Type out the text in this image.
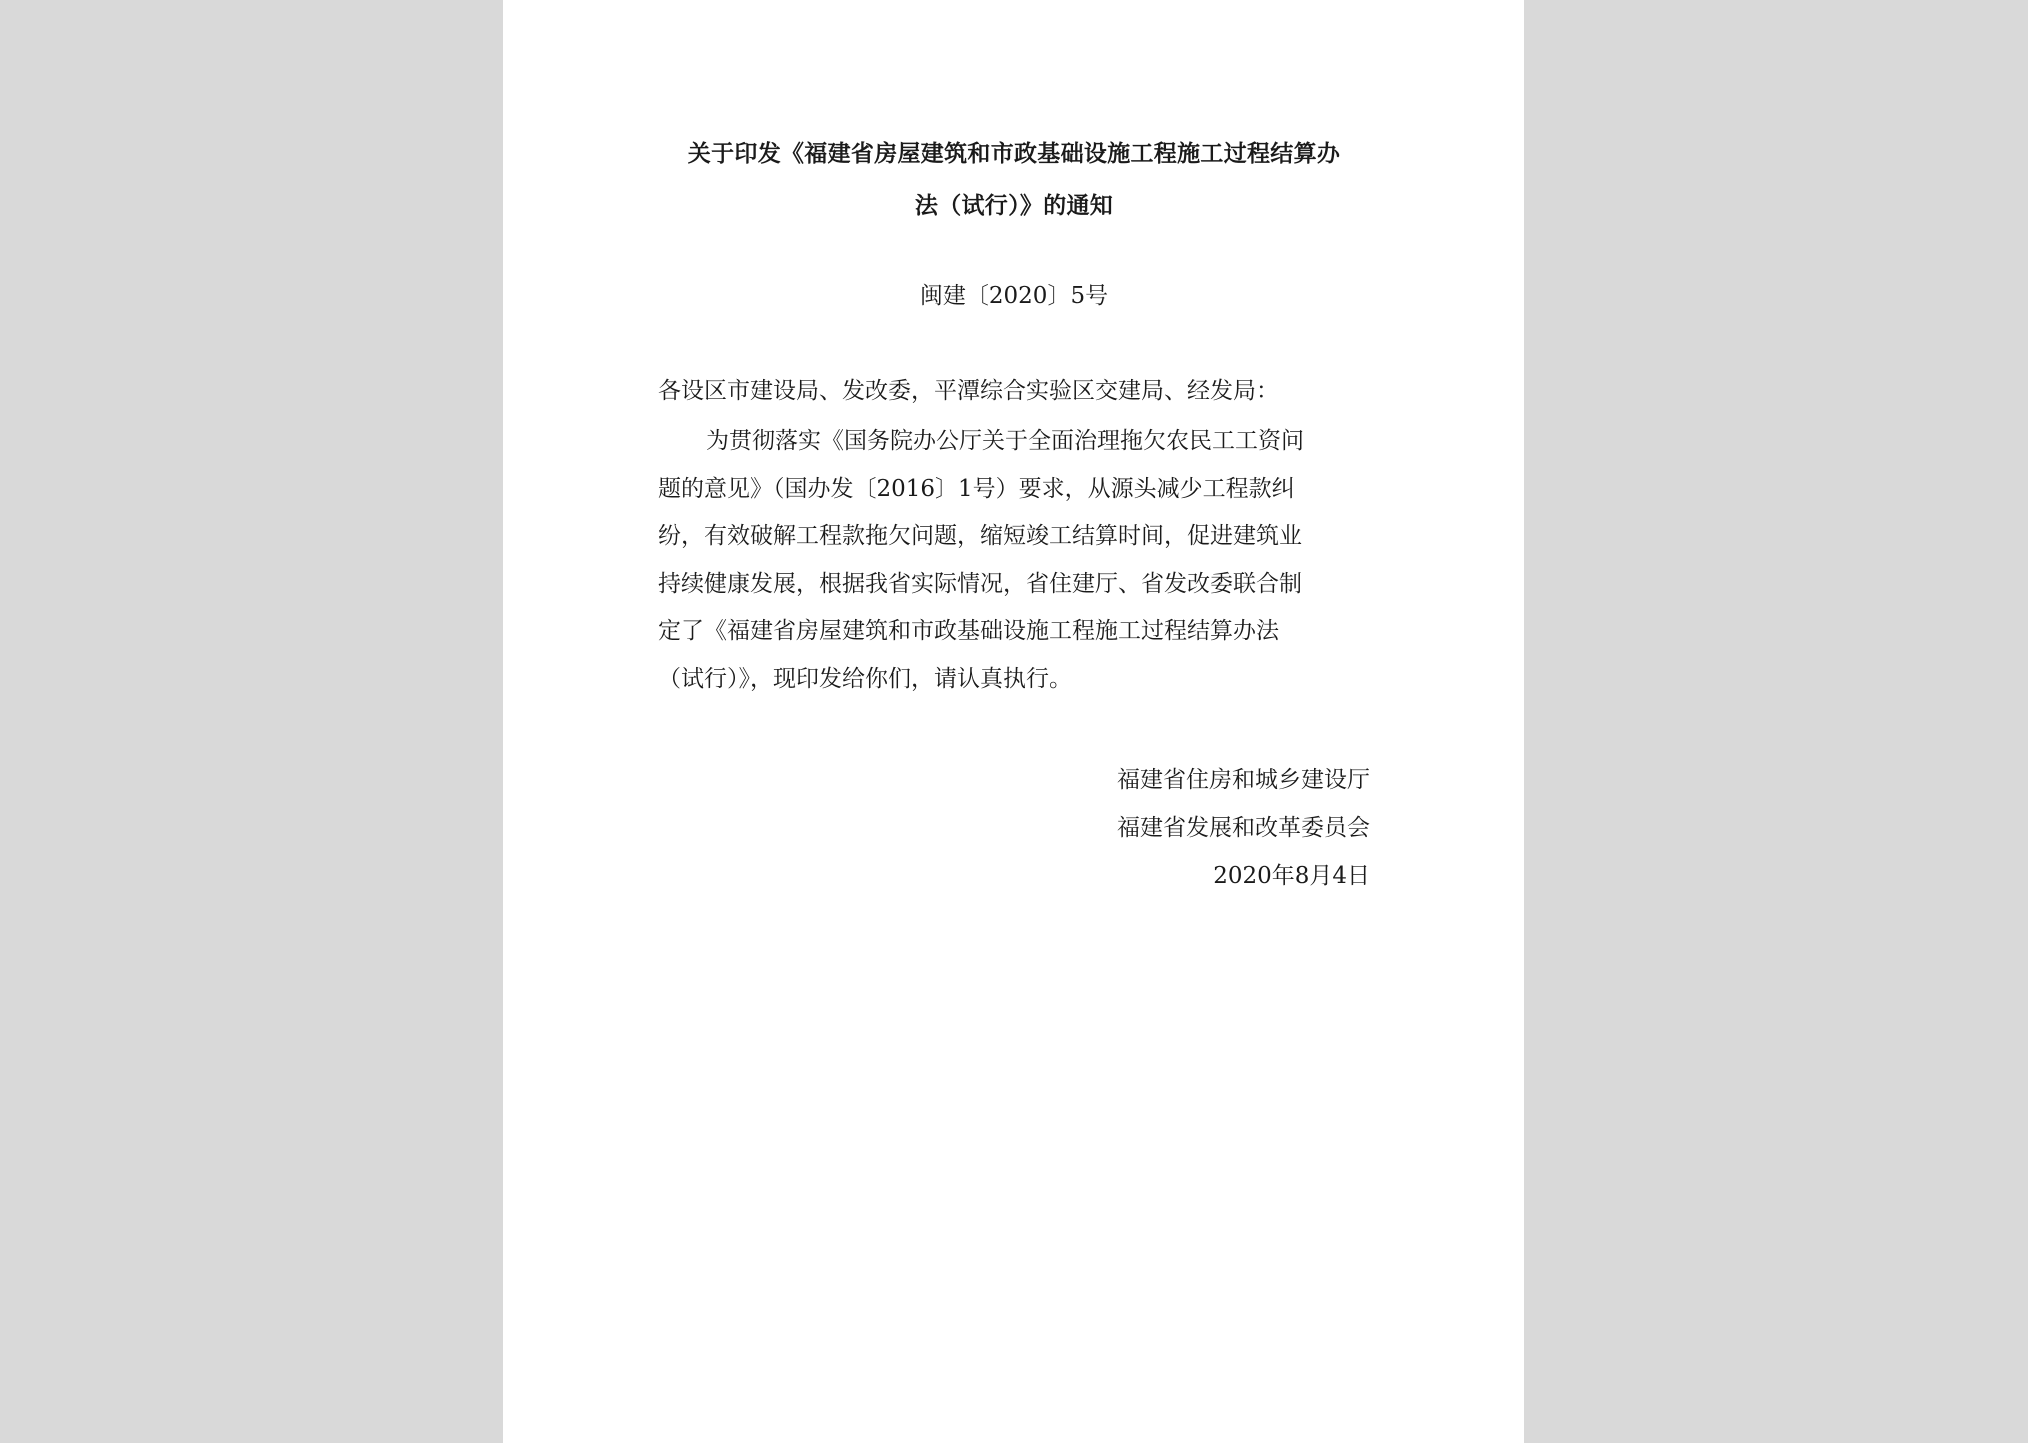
关于印发《福建省房屋建筑和市政基础设施工程施工过程结算办
法（试行）》的通知
闽建〔2020〕5号
各设区市建设局、发改委，平潭综合实验区交建局、经发局：
为贯彻落实《国务院办公厅关于全面治理拖欠农民工工资问
题的意见》（国办发〔2016〕1号）要求，从源头减少工程款纠
纷，有效破解工程款拖欠问题，缩短竣工结算时间，促进建筑业
持续健康发展，根据我省实际情况，省住建厅、省发改委联合制
定了《福建省房屋建筑和市政基础设施工程施工过程结算办法
（试行）》，现印发给你们，请认真执行。
福建省住房和城乡建设厅
福建省发展和改革委员会
2020年8月4日
